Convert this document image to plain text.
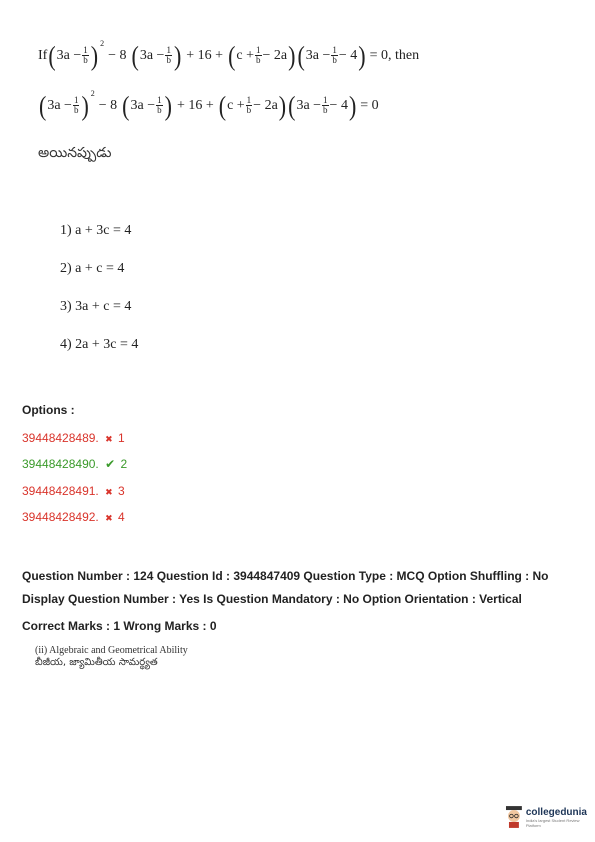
If ( $3a - \frac{1}{b}$ ) 2
− 8 ( $3a - \frac{1}{b}$ ) + 16 + ( $c + \frac{1}{b} - 2a$ ) ( $3a - \frac{1}{b} - 4$ ) = 0, then
( $3a - \frac{1}{b}$ ) 2
− 8 ( $3a - \frac{1}{b}$ ) + 16 + ( $c + \frac{1}{b} - 2a$ ) ( $3a - \frac{1}{b} - 4$ ) = 0
అయినప్పుడు
1) a + 3c = 4
2) a + c = 4
3) 3a + c = 4
4) 2a + 3c = 4
Options :
39448428489. ✖ 1
39448428490. ✔ 2
39448428491. ✖ 3
39448428492. ✖ 4
Question Number : 124 Question Id : 3944847409 Question Type : MCQ Option Shuffling : No
Display Question Number : Yes Is Question Mandatory : No Option Orientation : Vertical
Correct Marks : 1 Wrong Marks : 0
(ii) Algebraic and Geometrical Ability
బీజీయ, జ్యామితీయ సామర్థ్యత
collegedunia
India's largest Student Review Platform
